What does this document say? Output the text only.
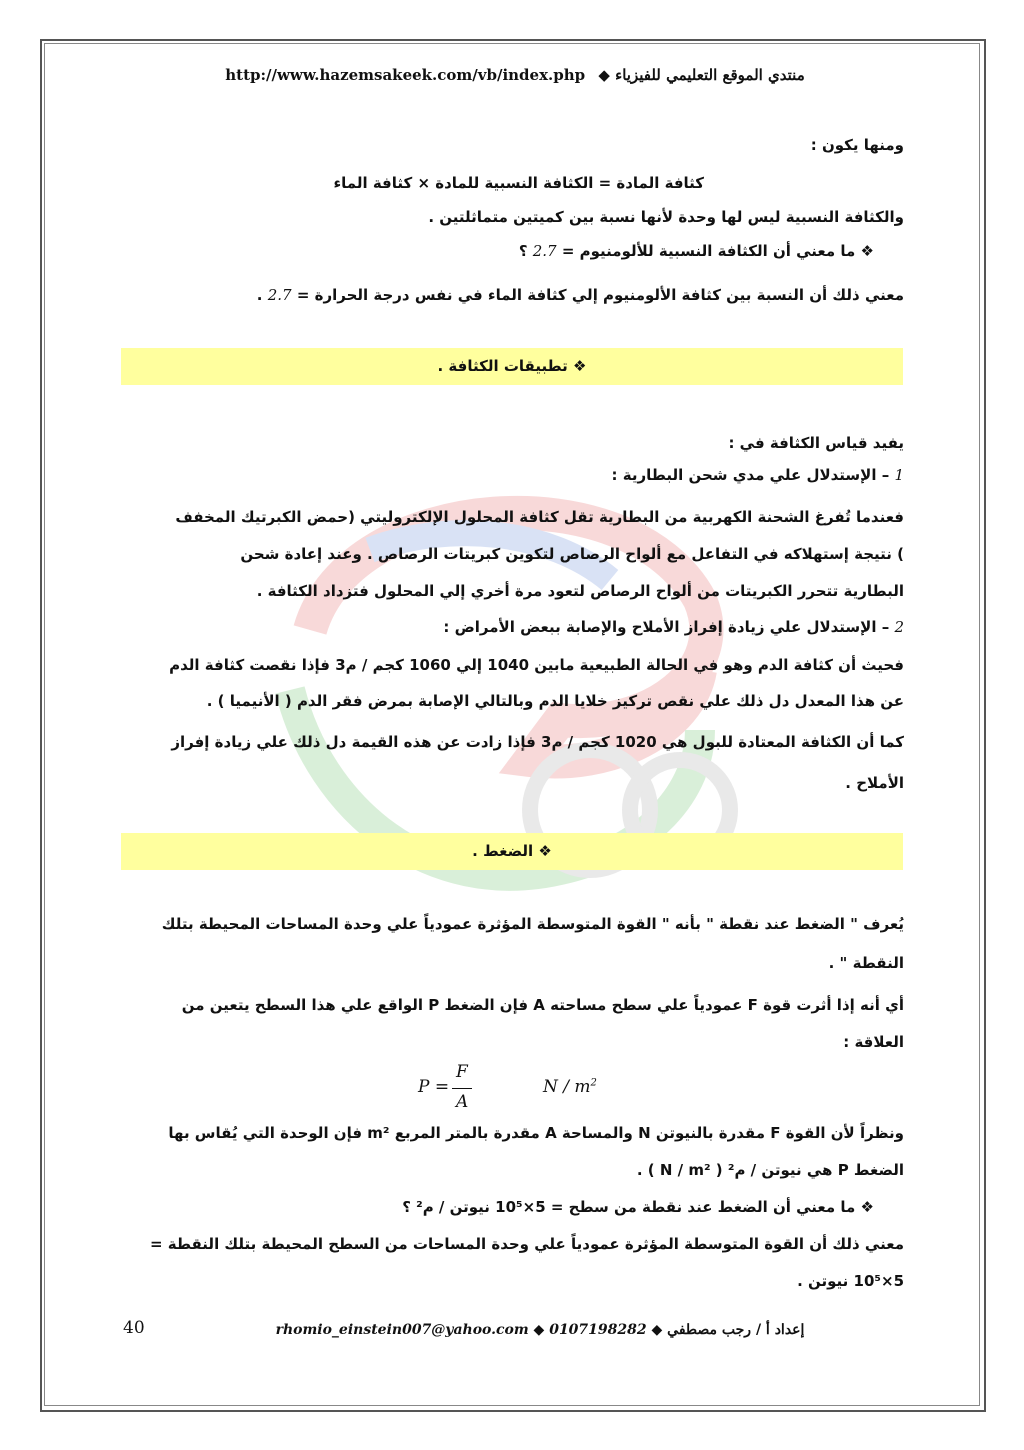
http://www.hazemsakeek.com/vb/index.php ◆ منتدي الموقع التعليمي للفيزياء
ومنها يكون :
كثافة المادة = الكثافة النسبية للمادة × كثافة الماء
والكثافة النسبية ليس لها وحدة لأنها نسبة بين كميتين متماثلتين .
❖ ما معني أن الكثافة النسبية للألومنيوم = 2.7 ؟
معني ذلك أن النسبة بين كثافة الألومنيوم إلي كثافة الماء في نفس درجة الحرارة = 2.7 .
❖ تطبيقات الكثافة .
يفيد قياس الكثافة في :
1 – الإستدلال علي مدي شحن البطارية :
فعندما تُفرغ الشحنة الكهربية من البطارية تقل كثافة المحلول الإلكتروليتي (حمض الكبرتيك المخفف
) نتيجة إستهلاكه في التفاعل مع ألواح الرصاص لتكوين كبريتات الرصاص . وعند إعادة شحن
البطارية تتحرر الكبريتات من ألواح الرصاص لتعود مرة أخري إلي المحلول فتزداد الكثافة .
2 – الإستدلال علي زيادة إفراز الأملاح والإصابة ببعض الأمراض :
فحيث أن كثافة الدم وهو في الحالة الطبيعية مابين 1040 إلي 1060 كجم / م3 فإذا نقصت كثافة الدم
عن هذا المعدل دل ذلك علي نقص تركيز خلايا الدم وبالتالي الإصابة بمرض فقر الدم ( الأنيميا ) .
كما أن الكثافة المعتادة للبول هي 1020 كجم / م3 فإذا زادت عن هذه القيمة دل ذلك علي زيادة إفراز
الأملاح .
❖ الضغط .
يُعرف " الضغط عند نقطة " بأنه " القوة المتوسطة المؤثرة عمودياً علي وحدة المساحات المحيطة بتلك
النقطة " .
أي أنه إذا أثرت قوة F عمودياً علي سطح مساحته A فإن الضغط P الواقع علي هذا السطح يتعين من
العلاقة :
P =
F
A
N / $m^2$
ونظراً لأن القوة F مقدرة بالنيوتن N والمساحة A مقدرة بالمتر المربع m² فإن الوحدة التي يُقاس بها
الضغط P هي نيوتن / م² ( N / m² ) .
❖ ما معني أن الضغط عند نقطة من سطح = 5×10⁵ نيوتن / م² ؟
معني ذلك أن القوة المتوسطة المؤثرة عمودياً علي وحدة المساحات من السطح المحيطة بتلك النقطة =
5×10⁵ نيوتن .
40	rhomio_einstein007@yahoo.com ◆ 0107198282 ◆ إعداد أ / رجب مصطفي
